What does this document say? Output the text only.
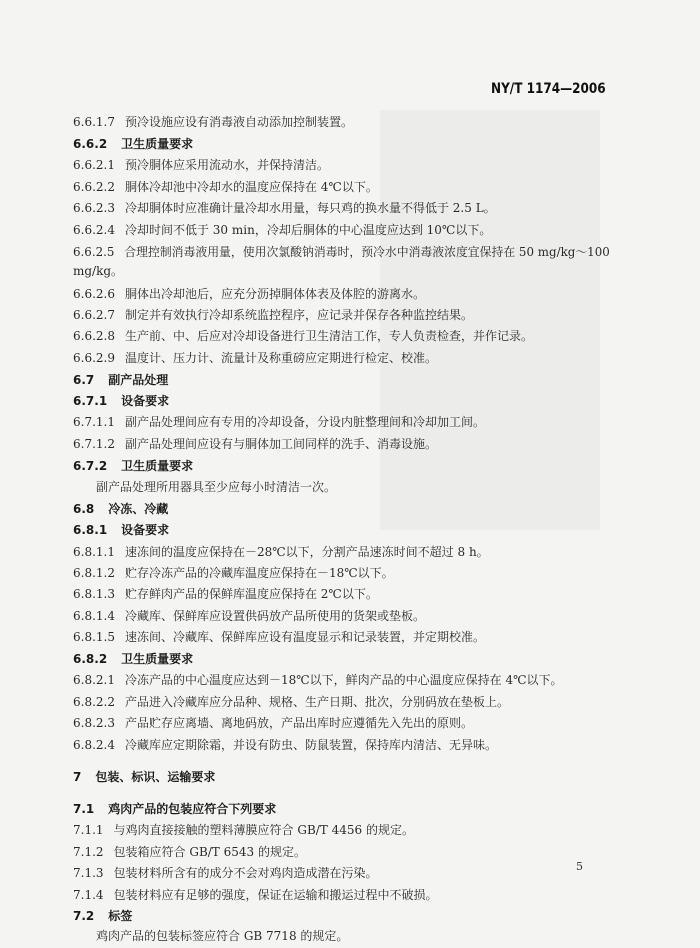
NY/T 1174—2006
6.6.1.7 预冷设施应设有消毒液自动添加控制装置。
6.6.2 卫生质量要求
6.6.2.1 预冷胴体应采用流动水，并保持清洁。
6.6.2.2 胴体冷却池中冷却水的温度应保持在 4℃以下。
6.6.2.3 冷却胴体时应准确计量冷却水用量，每只鸡的换水量不得低于 2.5 L。
6.6.2.4 冷却时间不低于 30 min，冷却后胴体的中心温度应达到 10℃以下。
6.6.2.5 合理控制消毒液用量，使用次氯酸钠消毒时，预冷水中消毒液浓度宜保持在 50 mg/kg～100
mg/kg。
6.6.2.6 胴体出冷却池后，应充分沥掉胴体体表及体腔的游离水。
6.6.2.7 制定并有效执行冷却系统监控程序，应记录并保存各种监控结果。
6.6.2.8 生产前、中、后应对冷却设备进行卫生清洁工作，专人负责检查，并作记录。
6.6.2.9 温度计、压力计、流量计及称重磅应定期进行检定、校准。
6.7 副产品处理
6.7.1 设备要求
6.7.1.1 副产品处理间应有专用的冷却设备，分设内脏整理间和冷却加工间。
6.7.1.2 副产品处理间应设有与胴体加工间同样的洗手、消毒设施。
6.7.2 卫生质量要求
副产品处理所用器具至少应每小时清洁一次。
6.8 冷冻、冷藏
6.8.1 设备要求
6.8.1.1 速冻间的温度应保持在－28℃以下，分割产品速冻时间不超过 8 h。
6.8.1.2 贮存冷冻产品的冷藏库温度应保持在－18℃以下。
6.8.1.3 贮存鲜肉产品的保鲜库温度应保持在 2℃以下。
6.8.1.4 冷藏库、保鲜库应设置供码放产品所使用的货架或垫板。
6.8.1.5 速冻间、冷藏库、保鲜库应设有温度显示和记录装置，并定期校准。
6.8.2 卫生质量要求
6.8.2.1 冷冻产品的中心温度应达到－18℃以下，鲜肉产品的中心温度应保持在 4℃以下。
6.8.2.2 产品进入冷藏库应分品种、规格、生产日期、批次，分别码放在垫板上。
6.8.2.3 产品贮存应离墙、离地码放，产品出库时应遵循先入先出的原则。
6.8.2.4 冷藏库应定期除霜，并设有防虫、防鼠装置，保持库内清洁、无异味。
7 包装、标识、运输要求
7.1 鸡肉产品的包装应符合下列要求
7.1.1 与鸡肉直接接触的塑料薄膜应符合 GB/T 4456 的规定。
7.1.2 包装箱应符合 GB/T 6543 的规定。
7.1.3 包装材料所含有的成分不会对鸡肉造成潜在污染。
7.1.4 包装材料应有足够的强度，保证在运输和搬运过程中不破损。
7.2 标签
鸡肉产品的包装标签应符合 GB 7718 的规定。
5
